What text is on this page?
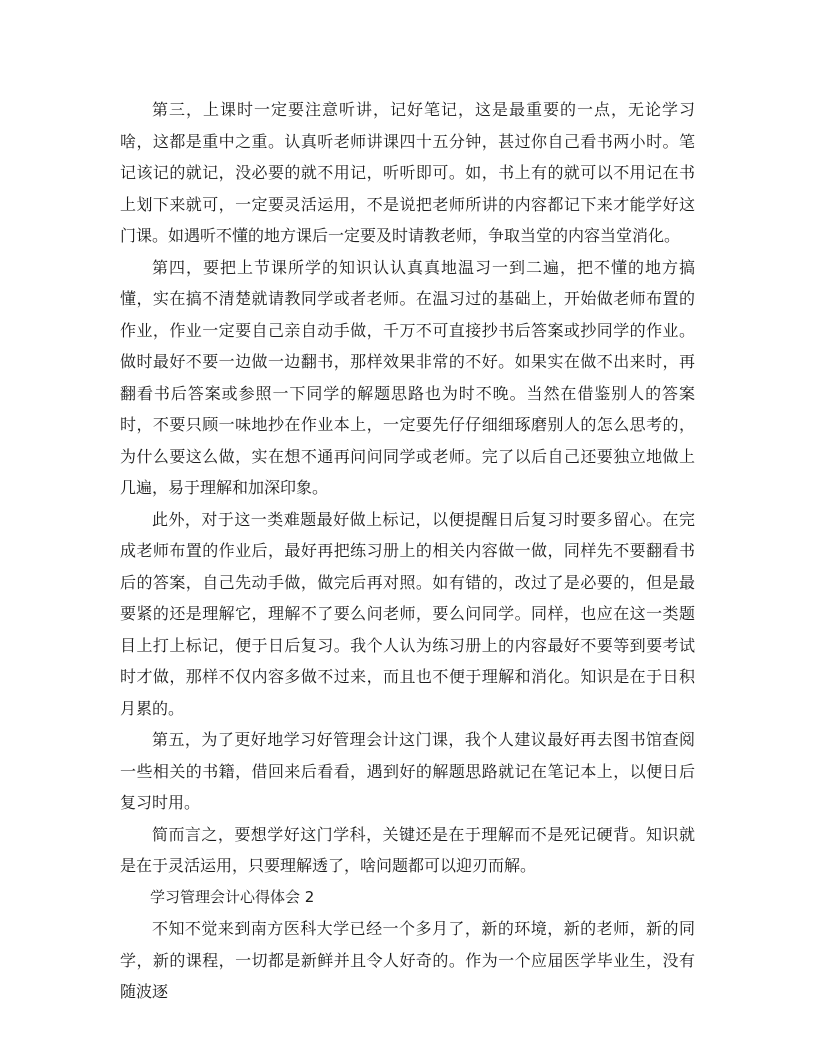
第三，上课时一定要注意听讲，记好笔记，这是最重要的一点，无论学习啥，这都是重中之重。认真听老师讲课四十五分钟，甚过你自己看书两小时。笔记该记的就记，没必要的就不用记，听听即可。如，书上有的就可以不用记在书上划下来就可，一定要灵活运用，不是说把老师所讲的内容都记下来才能学好这门课。如遇听不懂的地方课后一定要及时请教老师，争取当堂的内容当堂消化。

第四，要把上节课所学的知识认认真真地温习一到二遍，把不懂的地方搞懂，实在搞不清楚就请教同学或者老师。在温习过的基础上，开始做老师布置的作业，作业一定要自己亲自动手做，千万不可直接抄书后答案或抄同学的作业。做时最好不要一边做一边翻书，那样效果非常的不好。如果实在做不出来时，再翻看书后答案或参照一下同学的解题思路也为时不晚。当然在借鉴别人的答案时，不要只顾一味地抄在作业本上，一定要先仔仔细细琢磨别人的怎么思考的，为什么要这么做，实在想不通再问问同学或老师。完了以后自己还要独立地做上几遍，易于理解和加深印象。

此外，对于这一类难题最好做上标记，以便提醒日后复习时要多留心。在完成老师布置的作业后，最好再把练习册上的相关内容做一做，同样先不要翻看书后的答案，自己先动手做，做完后再对照。如有错的，改过了是必要的，但是最要紧的还是理解它，理解不了要么问老师，要么问同学。同样，也应在这一类题目上打上标记，便于日后复习。我个人认为练习册上的内容最好不要等到要考试时才做，那样不仅内容多做不过来，而且也不便于理解和消化。知识是在于日积月累的。

第五，为了更好地学习好管理会计这门课，我个人建议最好再去图书馆查阅一些相关的书籍，借回来后看看，遇到好的解题思路就记在笔记本上，以便日后复习时用。

简而言之，要想学好这门学科，关键还是在于理解而不是死记硬背。知识就是在于灵活运用，只要理解透了，啥问题都可以迎刃而解。

学习管理会计心得体会 2

不知不觉来到南方医科大学已经一个多月了，新的环境，新的老师，新的同学，新的课程，一切都是新鲜并且令人好奇的。作为一个应届医学毕业生，没有随波逐
